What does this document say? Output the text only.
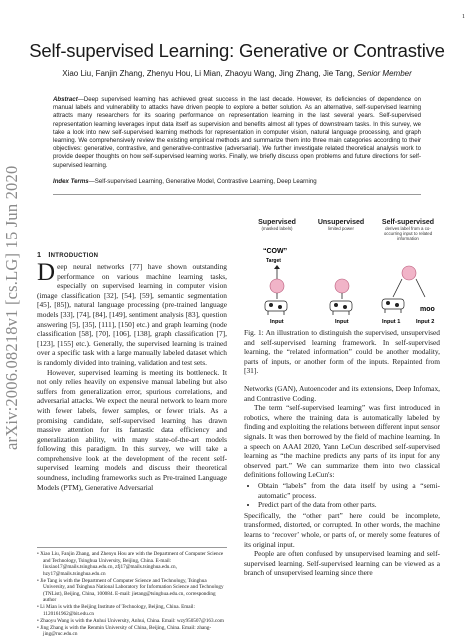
1
arXiv:2006.08218v1 [cs.LG] 15 Jun 2020
Self-supervised Learning: Generative or Contrastive
Xiao Liu, Fanjin Zhang, Zhenyu Hou, Li Mian, Zhaoyu Wang, Jing Zhang, Jie Tang, Senior Member
Abstract—Deep supervised learning has achieved great success in the last decade. However, its deficiencies of dependence on manual labels and vulnerability to attacks have driven people to explore a better solution. As an alternative, self-supervised learning attracts many researchers for its soaring performance on representation learning in the last several years. Self-supervised representation learning leverages input data itself as supervision and benefits almost all types of downstream tasks. In this survey, we take a look into new self-supervised learning methods for representation in computer vision, natural language processing, and graph learning. We comprehensively review the existing empirical methods and summarize them into three main categories according to their objectives: generative, contrastive, and generative-contrastive (adversarial). We further investigate related theoretical analysis work to provide deeper thoughts on how self-supervised learning works. Finally, we briefly discuss open problems and future directions for self-supervised learning.
Index Terms—Self-supervised Learning, Generative Model, Contrastive Learning, Deep Learning
1 INTRODUCTION

Deep neural networks [77] have shown outstanding performance on various machine learning tasks, especially on supervised learning in computer vision (image classification [32], [54], [59], semantic segmentation [45], [85]), natural language processing (pre-trained language models [33], [74], [84], [149], sentiment analysis [83], question answering [5], [35], [111], [150] etc.) and graph learning (node classification [58], [70], [106], [138], graph classification [7], [123], [155] etc.). Generally, the supervised learning is trained over a specific task with a large manually labeled dataset which is randomly divided into training, validation and test sets.

However, supervised learning is meeting its bottleneck. It not only relies heavily on expensive manual labeling but also suffers from generalization error, spurious correlations, and adversarial attacks. We expect the neural network to learn more with fewer labels, fewer samples, or fewer trials. As a promising candidate, self-supervised learning has drawn massive attention for its fantastic data efficiency and generalization ability, with many state-of-the-art models following this paradigm. In this survey, we will take a comprehensive look at the development of the recent self-supervised learning models and discuss their theoretical soundness, including frameworks such as Pre-trained Language Models (PTM), Generative Adversarial

• Xiao Liu, Fanjin Zhang, and Zhenyu Hou are with the Department of Computer Science and Technology, Tsinghua University, Beijing, China. E-mail: liuxiao17@mails.tsinghua.edu.cn, zfj17@mails.tsinghua.edu.cn, hzy17@mails.tsinghua.edu.cn
• Jie Tang is with the Department of Computer Science and Technology, Tsinghua University, and Tsinghua National Laboratory for Information Science and Technology (TNList), Beijing, China, 100084. E-mail: jietang@tsinghua.edu.cn, corresponding author
• Li Mian is with the Beijing Institute of Technology, Beijing, China. Email: 1120161962@bit.edu.cn
• Zhaoyu Wang is with the Anhui University, Anhui, China. Email: wzy950507@163.com
• Jing Zhang is with the Renmin University of China, Beijing, China. Email: zhang-jing@ruc.edu.cn
Supervised
(masked labels)
Unsupervised
limited power
Self-supervised
derives label from a co-occurring input to related information
“COW”
Target
moo
Input	Input	Input 1	Input 2
Fig. 1: An illustration to distinguish the supervised, unsupervised and self-supervised learning framework. In self-supervised learning, the “related information” could be another modality, parts of inputs, or another form of the inputs. Repainted from [31].

Networks (GAN), Autoencoder and its extensions, Deep Infomax, and Contrastive Coding.

The term “self-supervised learning” was first introduced in robotics, where the training data is automatically labeled by finding and exploiting the relations between different input sensor signals. It was then borrowed by the field of machine learning. In a speech on AAAI 2020, Yann LeCun described self-supervised learning as “the machine predicts any parts of its input for any observed part.” We can summarize them into two classical definitions following LeCun's:

• Obtain “labels” from the data itself by using a “semi-automatic” process.
• Predict part of the data from other parts.

Specifically, the “other part” here could be incomplete, transformed, distorted, or corrupted. In other words, the machine learns to ‘recover’ whole, or parts of, or merely some features of its original input.

People are often confused by unsupervised learning and self-supervised learning. Self-supervised learning can be viewed as a branch of unsupervised learning since there
